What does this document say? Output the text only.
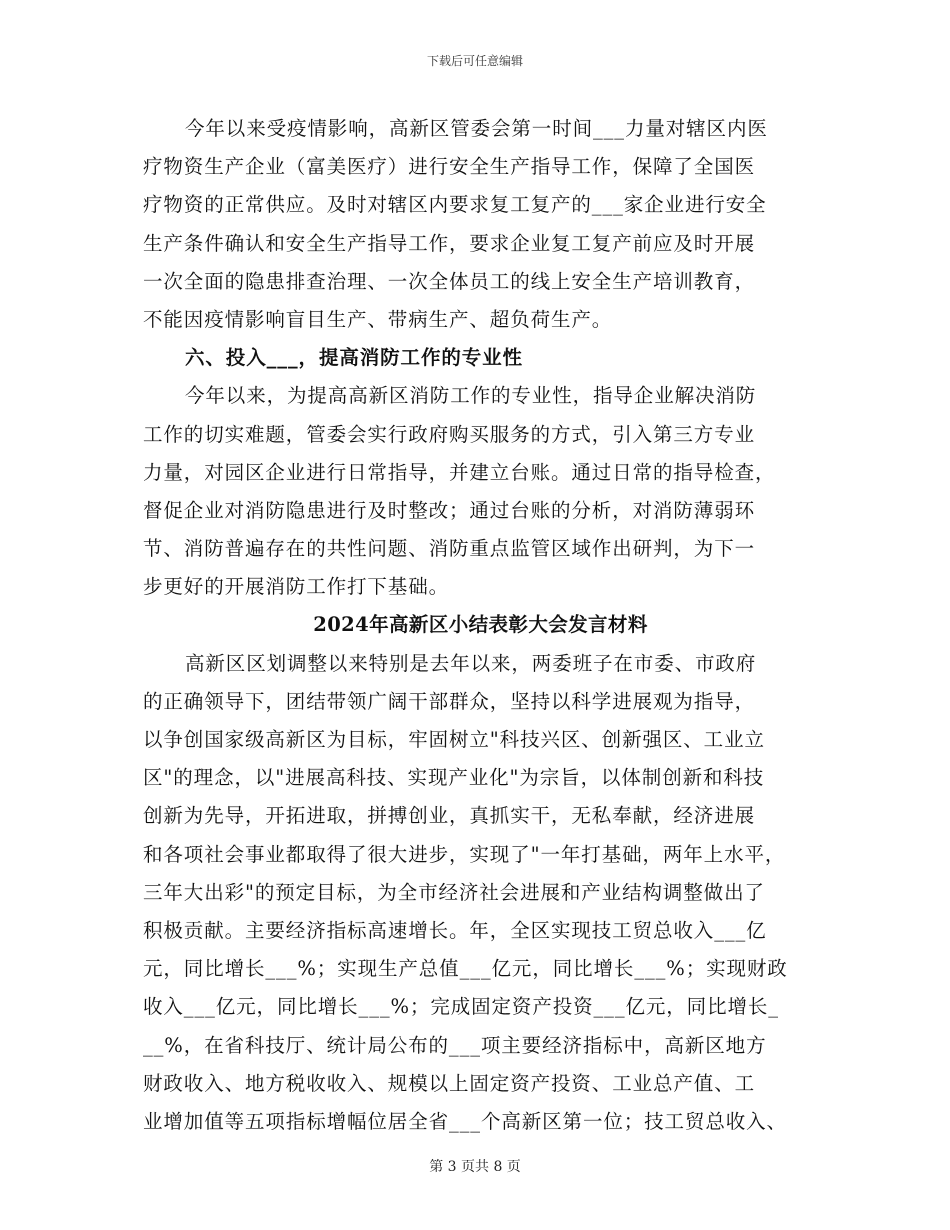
下载后可任意编辑
今年以来受疫情影响，高新区管委会第一时间___力量对辖区内医
疗物资生产企业（富美医疗）进行安全生产指导工作，保障了全国医
疗物资的正常供应。及时对辖区内要求复工复产的___家企业进行安全
生产条件确认和安全生产指导工作，要求企业复工复产前应及时开展
一次全面的隐患排查治理、一次全体员工的线上安全生产培训教育，
不能因疫情影响盲目生产、带病生产、超负荷生产。
六、投入___，提高消防工作的专业性
今年以来，为提高高新区消防工作的专业性，指导企业解决消防
工作的切实难题，管委会实行政府购买服务的方式，引入第三方专业
力量，对园区企业进行日常指导，并建立台账。通过日常的指导检查，
督促企业对消防隐患进行及时整改；通过台账的分析，对消防薄弱环
节、消防普遍存在的共性问题、消防重点监管区域作出研判，为下一
步更好的开展消防工作打下基础。
2024年高新区小结表彰大会发言材料
高新区区划调整以来特别是去年以来，两委班子在市委、市政府
的正确领导下，团结带领广阔干部群众，坚持以科学进展观为指导，
以争创国家级高新区为目标，牢固树立"科技兴区、创新强区、工业立
区"的理念，以"进展高科技、实现产业化"为宗旨，以体制创新和科技
创新为先导，开拓进取，拼搏创业，真抓实干，无私奉献，经济进展
和各项社会事业都取得了很大进步，实现了"一年打基础，两年上水平，
三年大出彩"的预定目标，为全市经济社会进展和产业结构调整做出了
积极贡献。主要经济指标高速增长。年，全区实现技工贸总收入___亿
元，同比增长___%；实现生产总值___亿元，同比增长___%；实现财政
收入___亿元，同比增长___%；完成固定资产投资___亿元，同比增长_
__%，在省科技厅、统计局公布的___项主要经济指标中，高新区地方
财政收入、地方税收收入、规模以上固定资产投资、工业总产值、工
业增加值等五项指标增幅位居全省___个高新区第一位；技工贸总收入、
第 3 页共 8 页
